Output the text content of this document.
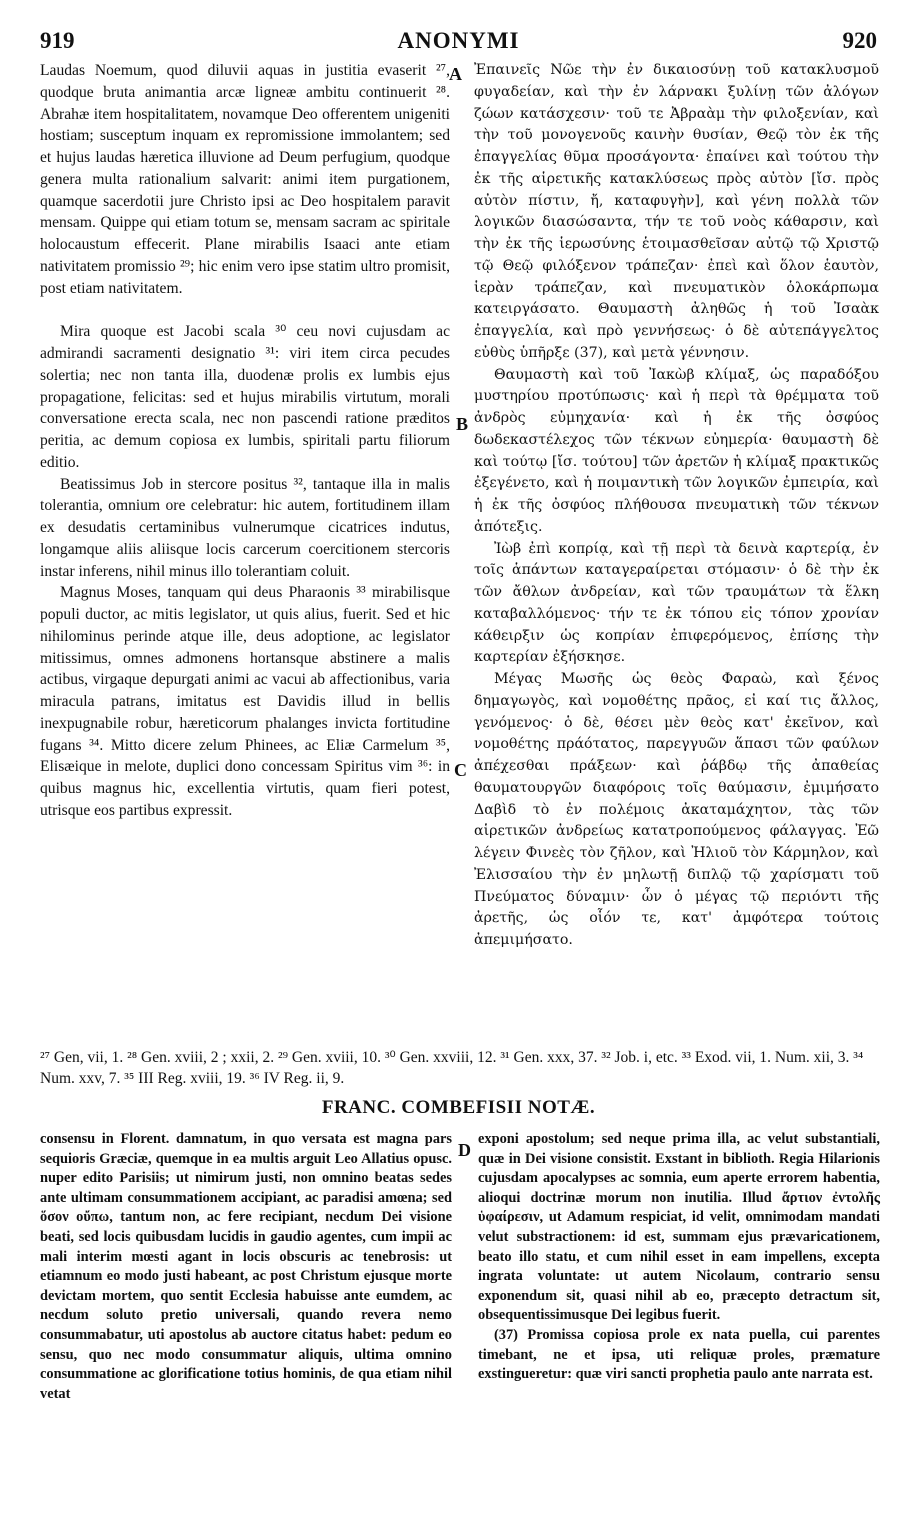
919	ANONYMI	920
A
B
C
D

Laudas Noemum, quod diluvii aquas in justitia evaserit ²⁷, quodque bruta animantia arcæ ligneæ ambitu continuerit ²⁸. Abrahæ item hospitalitatem, novamque Deo offerentem unigeniti hostiam; susceptum inquam ex repromissione immolantem; sed et hujus laudas hæretica illuvione ad Deum perfugium, quodque genera multa rationalium salvarit: animi item purgationem, quamque sacerdotii jure Christo ipsi ac Deo hospitalem paravit mensam. Quippe qui etiam totum se, mensam sacram ac spiritale holocaustum effecerit. Plane mirabilis Isaaci ante etiam nativitatem promissio ²⁹; hic enim vero ipse statim ultro promisit, post etiam nativitatem.

Mira quoque est Jacobi scala ³⁰ ceu novi cujusdam ac admirandi sacramenti designatio ³¹: viri item circa pecudes solertia; nec non tanta illa, duodenæ prolis ex lumbis ejus propagatione, felicitas: sed et hujus mirabilis virtutum, morali conversatione erecta scala, nec non pascendi ratione præditos peritia, ac demum copiosa ex lumbis, spiritali partu filiorum editio.

Beatissimus Job in stercore positus ³², tantaque illa in malis tolerantia, omnium ore celebratur: hic autem, fortitudinem illam ex desudatis certaminibus vulnerumque cicatrices indutus, longamque aliis aliisque locis carcerum coercitionem stercoris instar inferens, nihil minus illo tolerantiam coluit.

Magnus Moses, tanquam qui deus Pharaonis ³³ mirabilisque populi ductor, ac mitis legislator, ut quis alius, fuerit. Sed et hic nihilominus perinde atque ille, deus adoptione, ac legislator mitissimus, omnes admonens hortansque abstinere a malis actibus, virgaque depurgati animi ac vacui ab affectionibus, varia miracula patrans, imitatus est Davidis illud in bellis inexpugnabile robur, hæreticorum phalanges invicta fortitudine fugans ³⁴. Mitto dicere zelum Phinees, ac Eliæ Carmelum ³⁵, Elisæique in melote, duplici dono concessam Spiritus vim ³⁶: in quibus magnus hic, excellentia virtutis, quam fieri potest, utrisque eos partibus expressit.

Ἐπαινεῖς Νῶε τὴν ἐν δικαιοσύνῃ τοῦ κατακλυσμοῦ φυγαδείαν, καὶ τὴν ἐν λάρνακι ξυλίνῃ τῶν ἀλόγων ζώων κατάσχεσιν· τοῦ τε Ἀβραὰμ τὴν φιλοξενίαν, καὶ τὴν τοῦ μονογενοῦς καινὴν θυσίαν, Θεῷ τὸν ἐκ τῆς ἐπαγγελίας θῦμα προσάγοντα· ἐπαίνει καὶ τούτου τὴν ἐκ τῆς αἱρετικῆς κατακλύσεως πρὸς αὐτὸν [ἴσ. πρὸς αὐτὸν πίστιν, ἤ, καταφυγὴν], καὶ γένη πολλὰ τῶν λογικῶν διασώσαντα, τήν τε τοῦ νοὸς κάθαρσιν, καὶ τὴν ἐκ τῆς ἱερωσύνης ἑτοιμασθεῖσαν αὐτῷ τῷ Χριστῷ τῷ Θεῷ φιλόξενον τράπεζαν· ἐπεὶ καὶ ὅλον ἑαυτὸν, ἱερὰν τράπεζαν, καὶ πνευματικὸν ὁλοκάρπωμα κατειργάσατο. Θαυμαστὴ ἀληθῶς ἡ τοῦ Ἰσαὰκ ἐπαγγελία, καὶ πρὸ γεννήσεως· ὁ δὲ αὐτεπάγγελτος εὐθὺς ὑπῆρξε (37), καὶ μετὰ γέννησιν.

Θαυμαστὴ καὶ τοῦ Ἰακὼβ κλίμαξ, ὡς παραδόξου μυστηρίου προτύπωσις· καὶ ἡ περὶ τὰ θρέμματα τοῦ ἀνδρὸς εὐμηχανία· καὶ ἡ ἐκ τῆς ὀσφύος δωδεκαστέλεχος τῶν τέκνων εὐημερία· θαυμαστὴ δὲ καὶ τούτῳ [ἴσ. τούτου] τῶν ἀρετῶν ἡ κλίμαξ πρακτικῶς ἐξεγένετο, καὶ ἡ ποιμαντικὴ τῶν λογικῶν ἐμπειρία, καὶ ἡ ἐκ τῆς ὀσφύος πλήθουσα πνευματικὴ τῶν τέκνων ἀπότεξις.

Ἰὼβ ἐπὶ κοπρίᾳ, καὶ τῇ περὶ τὰ δεινὰ καρτερίᾳ, ἐν τοῖς ἁπάντων καταγεραίρεται στόμασιν· ὁ δὲ τὴν ἐκ τῶν ἄθλων ἀνδρείαν, καὶ τῶν τραυμάτων τὰ ἕλκη καταβαλλόμενος· τήν τε ἐκ τόπου εἰς τόπον χρονίαν κάθειρξιν ὡς κοπρίαν ἐπιφερόμενος, ἐπίσης τὴν καρτερίαν ἐξήσκησε.

Μέγας Μωσῆς ὡς θεὸς Φαραὼ, καὶ ξένος δημαγωγὸς, καὶ νομοθέτης πρᾶος, εἰ καί τις ἄλλος, γενόμενος· ὁ δὲ, θέσει μὲν θεὸς κατ' ἐκεῖνον, καὶ νομοθέτης πράότατος, παρεγγυῶν ἅπασι τῶν φαύλων ἀπέχεσθαι πράξεων· καὶ ῥάβδῳ τῆς ἀπαθείας θαυματουργῶν διαφόροις τοῖς θαύμασιν, ἐμιμήσατο Δαβὶδ τὸ ἐν πολέμοις ἀκαταμάχητον, τὰς τῶν αἱρετικῶν ἀνδρείως κατατροπούμενος φάλαγγας. Ἐῶ λέγειν Φινεὲς τὸν ζῆλον, καὶ Ἠλιοῦ τὸν Κάρμηλον, καὶ Ἐλισσαίου τὴν ἐν μηλωτῇ διπλῷ τῷ χαρίσματι τοῦ Πνεύματος δύναμιν· ὧν ὁ μέγας τῷ περιόντι τῆς ἀρετῆς, ὡς οἷόν τε, κατ' ἀμφότερα τούτοις ἀπεμιμήσατο.

²⁷ Gen, vii, 1. ²⁸ Gen. xviii, 2 ; xxii, 2. ²⁹ Gen. xviii, 10. ³⁰ Gen. xxviii, 12. ³¹ Gen. xxx, 37. ³² Job. i, etc. ³³ Exod. vii, 1. Num. xii, 3. ³⁴ Num. xxv, 7. ³⁵ III Reg. xviii, 19. ³⁶ IV Reg. ii, 9.
FRANC. COMBEFISII NOTÆ.

consensu in Florent. damnatum, in quo versata est magna pars sequioris Græciæ, quemque in ea multis arguit Leo Allatius opusc. nuper edito Parisiis; ut nimirum justi, non omnino beatas sedes ante ultimam consummationem accipiant, ac paradisi amœna; sed ὅσον οὔπω, tantum non, ac fere recipiant, necdum Dei visione beati, sed locis quibusdam lucidis in gaudio agentes, cum impii ac mali interim mœsti agant in locis obscuris ac tenebrosis: ut etiamnum eo modo justi habeant, ac post Christum ejusque morte devictam mortem, quo sentit Ecclesia habuisse ante eumdem, ac necdum soluto pretio universali, quando revera nemo consummabatur, uti apostolus ab auctore citatus habet: pedum eo sensu, quo nec modo consummatur aliquis, ultima omnino consummatione ac glorificatione totius hominis, de qua etiam nihil vetat

exponi apostolum; sed neque prima illa, ac velut substantiali, quæ in Dei visione consistit. Exstant in biblioth. Regia Hilarionis cujusdam apocalypses ac somnia, eum aperte errorem habentia, alioqui doctrinæ morum non inutilia. Illud ἄρτιον ἐντολῆς ὑφαίρεσιν, ut Adamum respiciat, id velit, omnimodam mandati velut substractionem: id est, summam ejus prævaricationem, beato illo statu, et cum nihil esset in eam impellens, excepta ingrata voluntate: ut autem Nicolaum, contrario sensu exponendum sit, quasi nihil ab eo, præcepto detractum sit, obsequentissimusque Dei legibus fuerit.

(37) Promissa copiosa prole ex nata puella, cui parentes timebant, ne et ipsa, uti reliquæ proles, præmature exstingueretur: quæ viri sancti prophetia paulo ante narrata est.
